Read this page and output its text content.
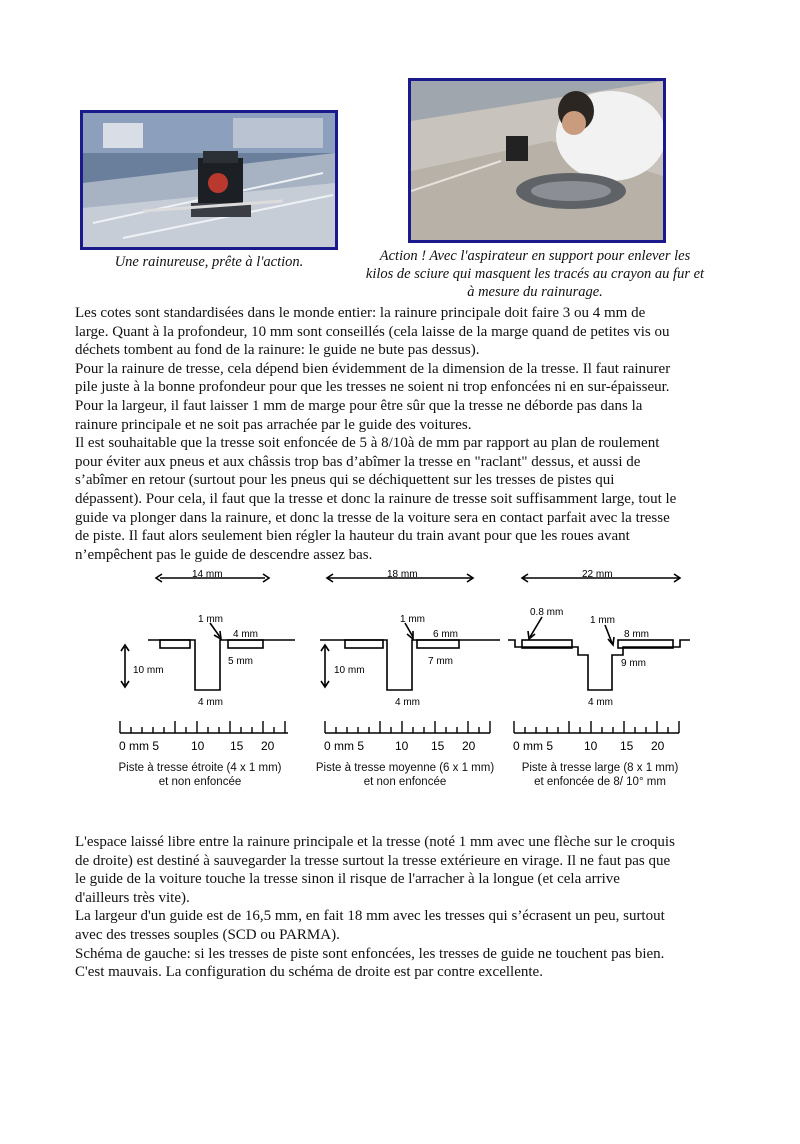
Une rainureuse, prête à l'action.	Action ! Avec l'aspirateur en support pour enlever les
kilos de sciure qui masquent les tracés au crayon au fur et
à mesure du rainurage.

Les cotes sont standardisées dans le monde entier: la rainure principale doit faire 3 ou 4 mm de

large. Quant à la profondeur, 10 mm sont conseillés (cela laisse de la marge quand de petites vis ou

déchets tombent au fond de la rainure: le guide ne bute pas dessus).

Pour la rainure de tresse, cela dépend bien évidemment de la dimension de la tresse. Il faut rainurer

pile juste à la bonne profondeur pour que les tresses ne soient ni trop enfoncées ni en sur-épaisseur.

Pour la largeur, il faut laisser 1 mm de marge pour être sûr que la tresse ne déborde pas dans la

rainure principale et ne soit pas arrachée par le guide des voitures.

Il est souhaitable que la tresse soit enfoncée de 5 à 8/10à de mm par rapport au plan de roulement

pour éviter aux pneus et aux châssis trop bas d’abîmer la tresse en "raclant" dessus, et aussi de

s’abîmer en retour (surtout pour les pneus qui se déchiquettent sur les tresses de pistes qui

dépassent). Pour cela, il faut que la tresse et donc la rainure de tresse soit suffisamment large, tout le

guide va plonger dans la rainure, et donc la tresse de la voiture sera en contact parfait avec la tresse

de piste. Il faut alors seulement bien régler la hauteur du train avant pour que les roues avant

n’empêchent pas le guide de descendre assez bas.

14 mm
1 mm
4 mm
5 mm
10 mm
4 mm
0 mm 5	10 15 20
Piste à tresse étroite (4 x 1 mm)
et non enfoncée
18 mm
1 mm
6 mm
7 mm
10 mm
4 mm
0 mm 5	10 15 20
Piste à tresse moyenne (6 x 1 mm)
et non enfoncée
22 mm
0.8 mm
1 mm
8 mm
9 mm
4 mm
0 mm 5	10 15 20
Piste à tresse large (8 x 1 mm)
et enfoncée de 8/ 10° mm

L'espace laissé libre entre la rainure principale et la tresse (noté 1 mm avec une flèche sur le croquis

de droite) est destiné à sauvegarder la tresse surtout la tresse extérieure en virage. Il ne faut pas que

le guide de la voiture touche la tresse sinon il risque de l'arracher à la longue (et cela arrive

d'ailleurs très vite).

La largeur d'un guide est de 16,5 mm, en fait 18 mm avec les tresses qui s’écrasent un peu, surtout

avec des tresses souples (SCD ou PARMA).

Schéma de gauche: si les tresses de piste sont enfoncées, les tresses de guide ne touchent pas bien.

C'est mauvais. La configuration du schéma de droite est par contre excellente.
